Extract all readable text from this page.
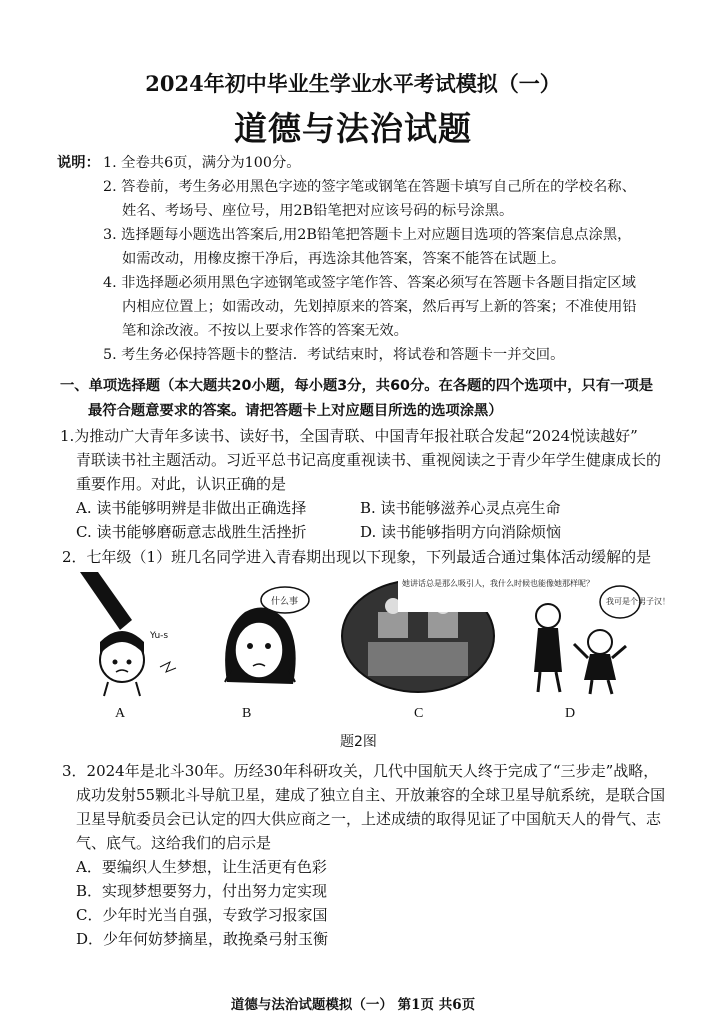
2024年初中毕业生学业水平考试模拟（一）
道德与法治试题
说明： 1. 全卷共6页，满分为100分。
2. 答卷前，考生务必用黑色字迹的签字笔或钢笔在答题卡填写自己所在的学校名称、
姓名、考场号、座位号，用2B铅笔把对应该号码的标号涂黑。
3. 选择题每小题选出答案后,用2B铅笔把答题卡上对应题目选项的答案信息点涂黑，
如需改动，用橡皮擦干净后，再选涂其他答案，答案不能答在试题上。
4. 非选择题必须用黑色字迹钢笔或签字笔作答、答案必须写在答题卡各题目指定区域
内相应位置上；如需改动，先划掉原来的答案，然后再写上新的答案；不准使用铅
笔和涂改液。不按以上要求作答的答案无效。
5. 考生务必保持答题卡的整洁．考试结束时，将试卷和答题卡一并交回。
一、单项选择题（本大题共20小题，每小题3分，共60分。在各题的四个选项中，只有一项是
最符合题意要求的答案。请把答题卡上对应题目所选的选项涂黑）
1.为推动广大青年多读书、读好书，全国青联、中国青年报社联合发起“2024悦读越好”
青联读书社主题活动。习近平总书记高度重视读书、重视阅读之于青少年学生健康成长的
重要作用。对此，认识正确的是
A. 读书能够明辨是非做出正确选择	B. 读书能够滋养心灵点亮生命
C. 读书能够磨砺意志战胜生活挫折	D. 读书能够指明方向消除烦恼
2．七年级（1）班几名同学进入青春期出现以下现象，下列最适合通过集体活动缓解的是
Yu-s
什么事
她讲话总是那么吸引人，我什么时候也能像她那样呢？
我可是个男子汉！
A	B	C	D
题2图
3．2024年是北斗30年。历经30年科研攻关，几代中国航天人终于完成了“三步走”战略，
成功发射55颗北斗导航卫星，建成了独立自主、开放兼容的全球卫星导航系统，是联合国
卫星导航委员会已认定的四大供应商之一，上述成绩的取得见证了中国航天人的骨气、志
气、底气。这给我们的启示是
A．要编织人生梦想，让生活更有色彩
B．实现梦想要努力，付出努力定实现
C．少年时光当自强，专致学习报家国
D．少年何妨梦摘星，敢挽桑弓射玉衡
道德与法治试题模拟（一） 第1页 共6页
